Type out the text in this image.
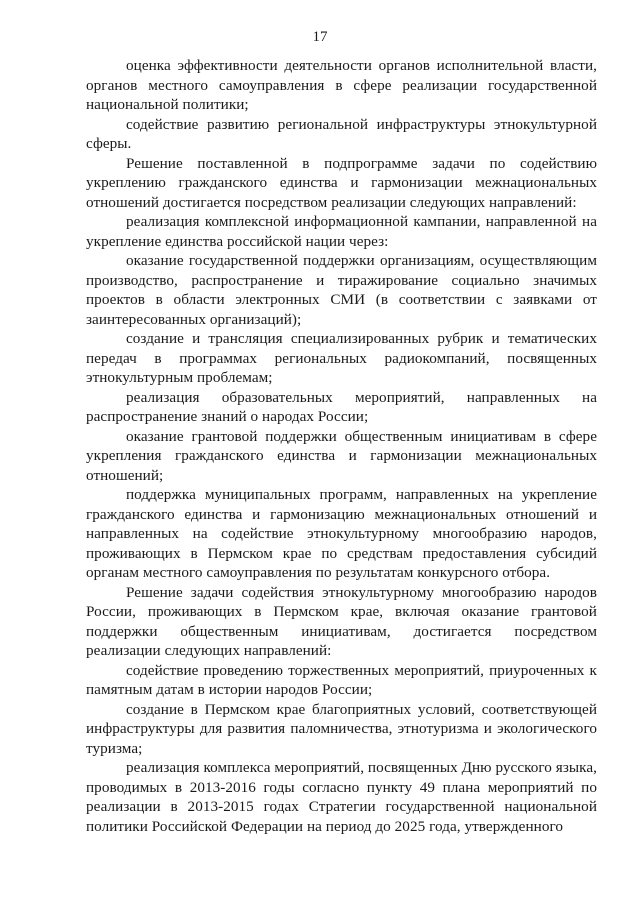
17

оценка эффективности деятельности органов исполнительной власти, органов местного самоуправления в сфере реализации государственной национальной политики;

содействие развитию региональной инфраструктуры этнокультурной сферы.

Решение поставленной в подпрограмме задачи по содействию укреплению гражданского единства и гармонизации межнациональных отношений достигается посредством реализации следующих направлений:

реализация комплексной информационной кампании, направленной на укрепление единства российской нации через:

оказание государственной поддержки организациям, осуществляющим производство, распространение и тиражирование социально значимых проектов в области электронных СМИ (в соответствии с заявками от заинтересованных организаций);

создание и трансляция специализированных рубрик и тематических передач в программах региональных радиокомпаний, посвященных этнокультурным проблемам;

реализация образовательных мероприятий, направленных на распространение знаний о народах России;

оказание грантовой поддержки общественным инициативам в сфере укрепления гражданского единства и гармонизации межнациональных отношений;

поддержка муниципальных программ, направленных на укрепление гражданского единства и гармонизацию межнациональных отношений и направленных на содействие этнокультурному многообразию народов, проживающих в Пермском крае по средствам предоставления субсидий органам местного самоуправления по результатам конкурсного отбора.

Решение задачи содействия этнокультурному многообразию народов России, проживающих в Пермском крае, включая оказание грантовой поддержки общественным инициативам, достигается посредством реализации следующих направлений:

содействие проведению торжественных мероприятий, приуроченных к памятным датам в истории народов России;

создание в Пермском крае благоприятных условий, соответствующей инфраструктуры для развития паломничества, этнотуризма и экологического туризма;

реализация комплекса мероприятий, посвященных Дню русского языка, проводимых в 2013-2016 годы согласно пункту 49 плана мероприятий по реализации в 2013-2015 годах Стратегии государственной национальной политики Российской Федерации на период до 2025 года, утвержденного
